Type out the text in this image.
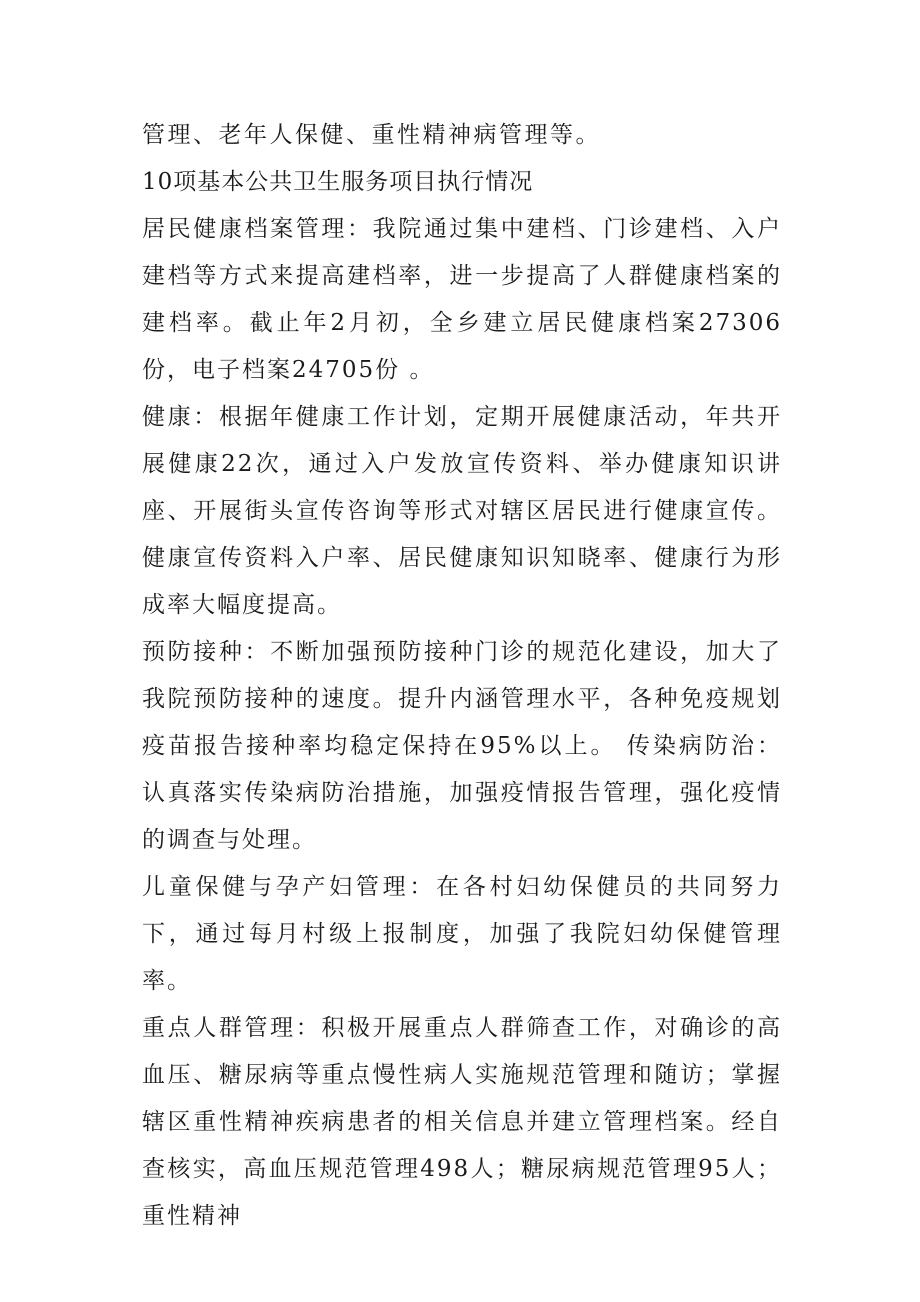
管理、老年人保健、重性精神病管理等。

10项基本公共卫生服务项目执行情况

居民健康档案管理：我院通过集中建档、门诊建档、入户建档等方式来提高建档率，进一步提高了人群健康档案的建档率。截止年2月初，全乡建立居民健康档案27306份，电子档案24705份 。

健康：根据年健康工作计划，定期开展健康活动，年共开展健康22次，通过入户发放宣传资料、举办健康知识讲座、开展街头宣传咨询等形式对辖区居民进行健康宣传。健康宣传资料入户率、居民健康知识知晓率、健康行为形成率大幅度提高。

预防接种：不断加强预防接种门诊的规范化建设，加大了我院预防接种的速度。提升内涵管理水平，各种免疫规划疫苗报告接种率均稳定保持在95%以上。 传染病防治：认真落实传染病防治措施，加强疫情报告管理，强化疫情的调查与处理。

儿童保健与孕产妇管理：在各村妇幼保健员的共同努力下，通过每月村级上报制度，加强了我院妇幼保健管理率。

重点人群管理：积极开展重点人群筛查工作，对确诊的高血压、糖尿病等重点慢性病人实施规范管理和随访；掌握辖区重性精神疾病患者的相关信息并建立管理档案。经自查核实，高血压规范管理498人；糖尿病规范管理95人；重性精神
